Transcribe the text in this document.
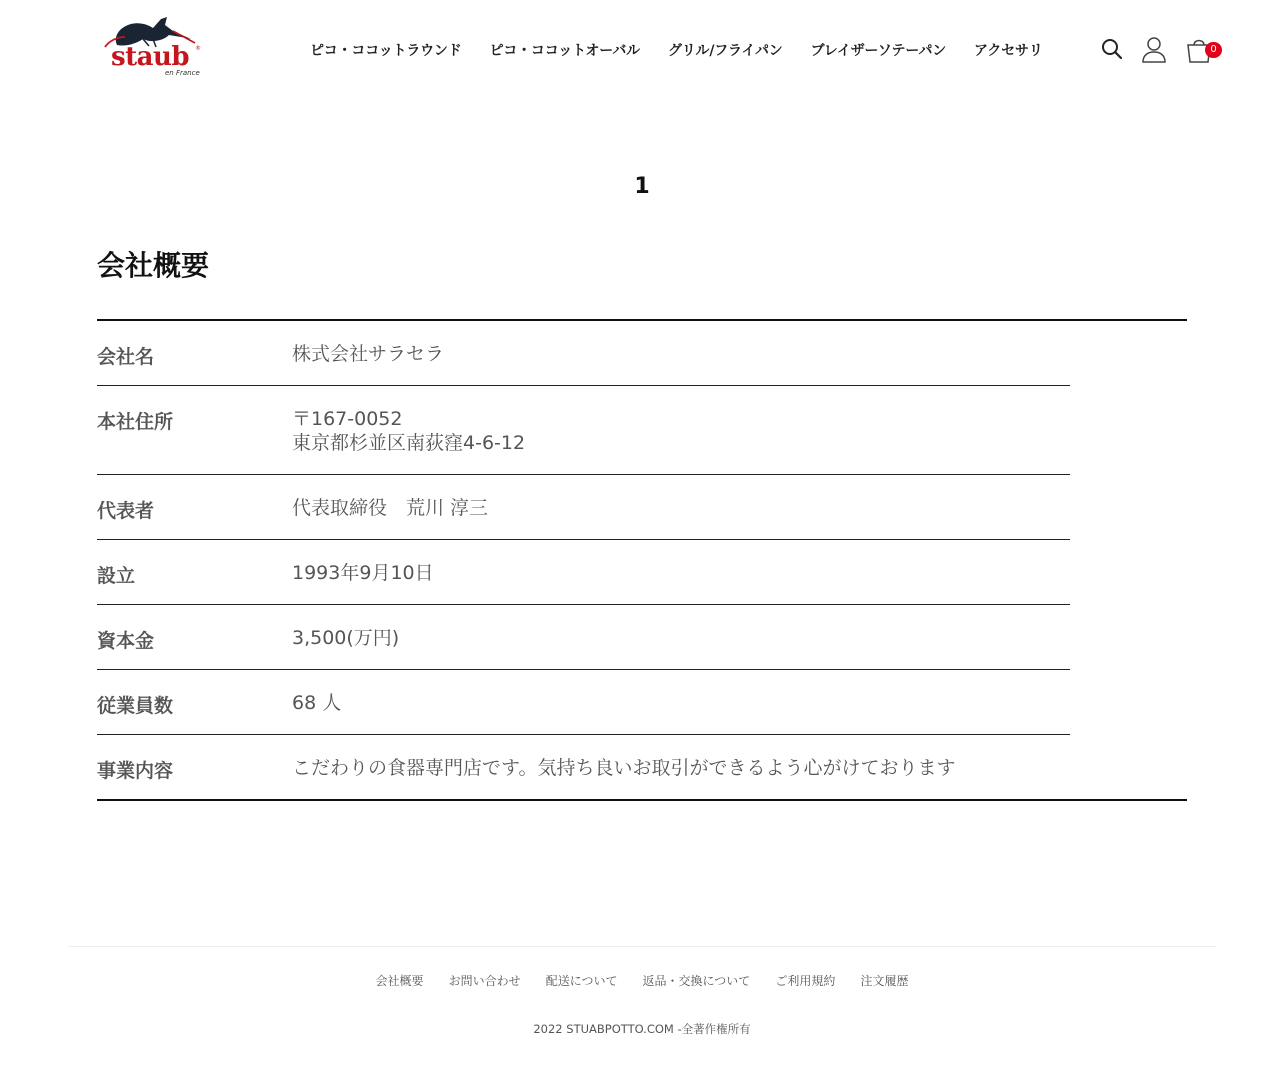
staub ®
en France
ピコ・ココットラウンド ピコ・ココットオーバル グリル/フライパン ブレイザーソテーパン アクセサリ	0
1
会社概要
会社名	株式会社サラセラ
本社住所	〒167-0052
東京都杉並区南荻窪4-6-12
代表者	代表取締役　荒川 淳三
設立	1993年9月10日
資本金	3,500(万円)
従業員数	68 人
事業内容	こだわりの食器専門店です。気持ち良いお取引ができるよう心がけております
会社概要 お問い合わせ 配送について 返品・交換について ご利用規約 注文履歴
2022 STUABPOTTO.COM -全著作権所有
